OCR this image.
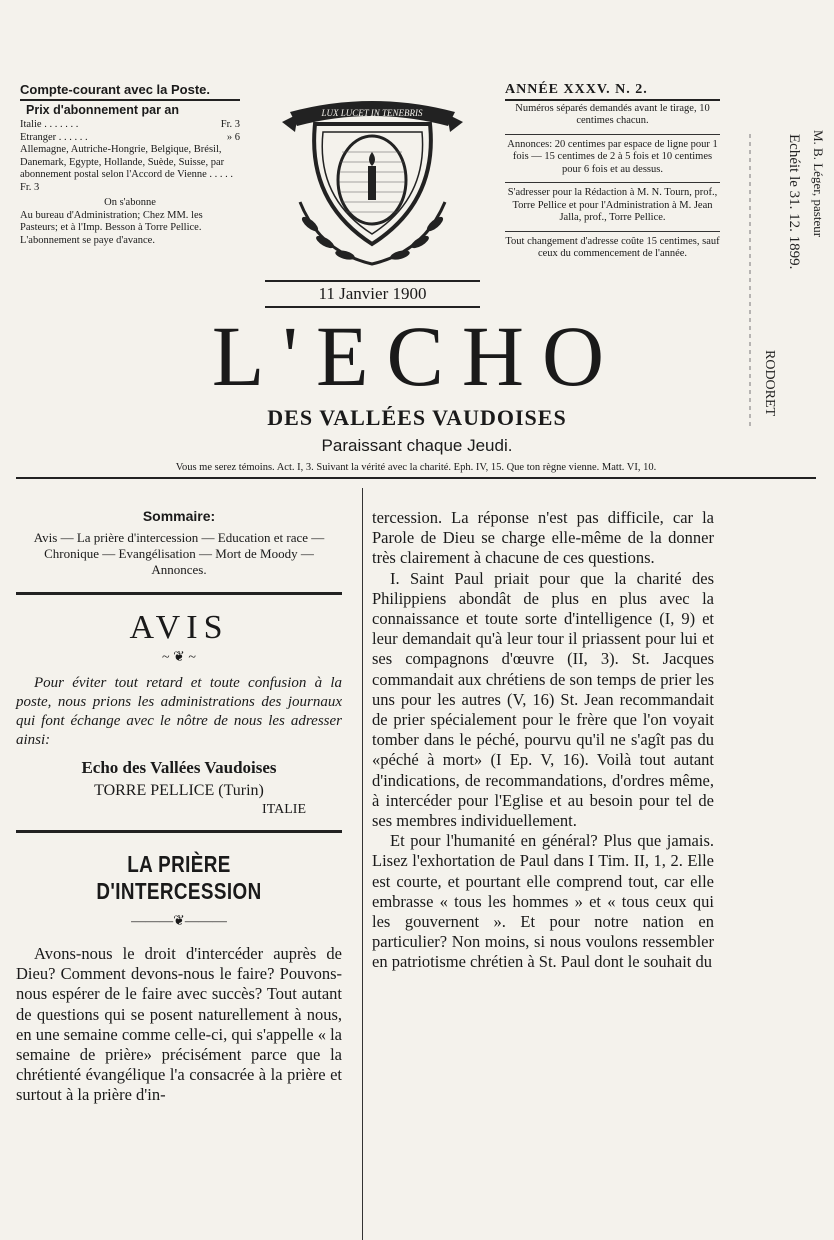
Compte-courant avec la Poste.
Prix d'abonnement par an
Italie . . . . . . .	Fr. 3
Etranger . . . . . .	» 6
Allemagne, Autriche-Hongrie, Belgique, Brésil, Danemark, Egypte, Hollande, Suède, Suisse, par abonnement postal selon l'Accord de Vienne . . . . . Fr. 3
On s'abonne
Au bureau d'Administration; Chez MM. les Pasteurs; et à l'Imp. Besson à Torre Pellice.
L'abonnement se paye d'avance.
LUX LUCET IN TENEBRIS
11 Janvier 1900
ANNÉE XXXV. N. 2.

Numéros séparés demandés avant le tirage, 10 centimes chacun.

Annonces: 20 centimes par espace de ligne pour 1 fois — 15 centimes de 2 à 5 fois et 10 centimes pour 6 fois et au dessus.

S'adresser pour la Rédaction à M. N. Tourn, prof., Torre Pellice et pour l'Administration à M. Jean Jalla, prof., Torre Pellice.

Tout changement d'adresse coûte 15 centimes, sauf ceux du commencement de l'année.

M. B. Léger, pasteur
Echéit le 31. 12. 1899.
RODORET
L'ECHO
DES VALLÉES VAUDOISES
Paraissant chaque Jeudi.
Vous me serez témoins. Act. I, 3. Suivant la vérité avec la charité. Eph. IV, 15. Que ton règne vienne. Matt. VI, 10.
Sommaire:
Avis — La prière d'intercession — Education et race — Chronique — Evangélisation — Mort de Moody — Annonces.
AVIS
~ ❦ ~
Pour éviter tout retard et toute confusion à la poste, nous prions les administrations des journaux qui font échange avec le nôtre de nous les adresser ainsi:
Echo des Vallées Vaudoises
TORRE PELLICE (Turin)
ITALIE
LA PRIÈRE D'INTERCESSION
———❦———

Avons-nous le droit d'intercéder auprès de Dieu? Comment devons-nous le faire? Pouvons-nous espérer de le faire avec succès? Tout autant de questions qui se posent naturellement à nous, en une semaine comme celle-ci, qui s'appelle « la semaine de prière» précisément parce que la chrétienté évangélique l'a consacrée à la prière et surtout à la prière d'in-

tercession. La réponse n'est pas difficile, car la Parole de Dieu se charge elle-même de la donner très clairement à chacune de ces questions.

I. Saint Paul priait pour que la charité des Philippiens abondât de plus en plus avec la connaissance et toute sorte d'intelligence (I, 9) et leur demandait qu'à leur tour il priassent pour lui et ses compagnons d'œuvre (II, 3). St. Jacques commandait aux chrétiens de son temps de prier les uns pour les autres (V, 16) St. Jean recommandait de prier spécialement pour le frère que l'on voyait tomber dans le péché, pourvu qu'il ne s'agît pas du «péché à mort» (I Ep. V, 16). Voilà tout autant d'indications, de recommandations, d'ordres même, à intercéder pour l'Eglise et au besoin pour tel de ses membres individuellement.

Et pour l'humanité en général? Plus que jamais. Lisez l'exhortation de Paul dans I Tim. II, 1, 2. Elle est courte, et pourtant elle comprend tout, car elle embrasse « tous les hommes » et « tous ceux qui les gouvernent ». Et pour notre nation en particulier? Non moins, si nous voulons ressembler en patriotisme chrétien à St. Paul dont le souhait du
